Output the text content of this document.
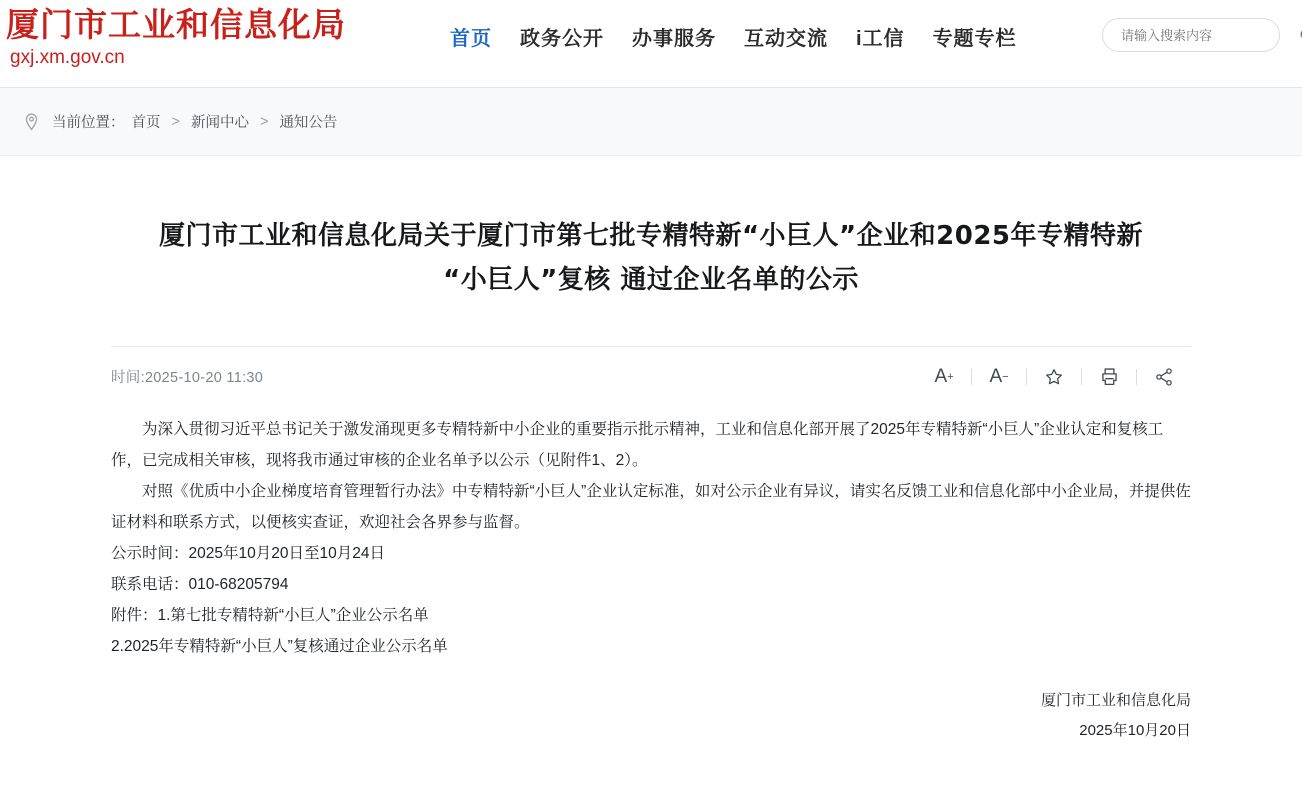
厦门市工业和信息化局
gxj.xm.gov.cn
首页 政务公开 办事服务 互动交流 i工信 专题专栏
请输入搜索内容
当前位置： 首页 > 新闻中心 > 通知公告
厦门市工业和信息化局关于厦门市第七批专精特新“小巨人”企业和2025年专精特新
“小巨人”复核 通过企业名单的公示
时间:2025-10-20 11:30	A + A −

为深入贯彻习近平总书记关于激发涌现更多专精特新中小企业的重要指示批示精神，工业和信息化部开展了2025年专精特新“小巨人”企业认定和复核工作，已完成相关审核，现将我市通过审核的企业名单予以公示（见附件1、2）。

对照《优质中小企业梯度培育管理暂行办法》中专精特新“小巨人”企业认定标准，如对公示企业有异议，请实名反馈工业和信息化部中小企业局，并提供佐证材料和联系方式，以便核实查证，欢迎社会各界参与监督。

公示时间：2025年10月20日至10月24日

联系电话：010-68205794

附件：1.第七批专精特新“小巨人”企业公示名单

2.2025年专精特新“小巨人”复核通过企业公示名单

厦门市工业和信息化局
2025年10月20日
